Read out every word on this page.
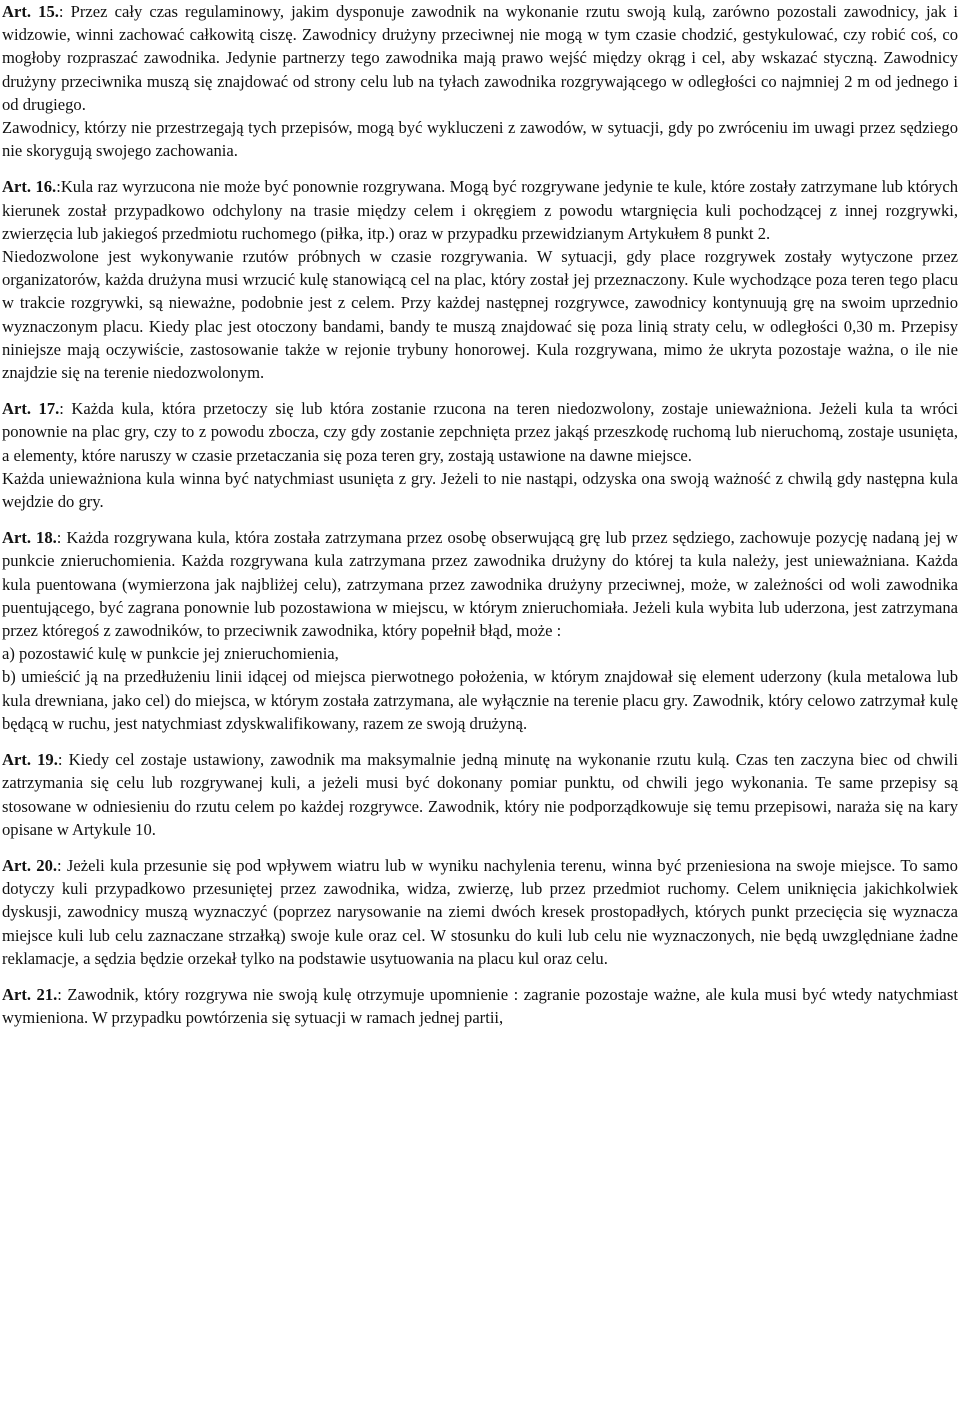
Art. 15.: Przez cały czas regulaminowy, jakim dysponuje zawodnik na wykonanie rzutu swoją kulą, zarówno pozostali zawodnicy, jak i widzowie, winni zachować całkowitą ciszę. Zawodnicy drużyny przeciwnej nie mogą w tym czasie chodzić, gestykulować, czy robić coś, co mogłoby rozpraszać zawodnika. Jedynie partnerzy tego zawodnika mają prawo wejść między okrąg i cel, aby wskazać styczną. Zawodnicy drużyny przeciwnika muszą się znajdować od strony celu lub na tyłach zawodnika rozgrywającego w odległości co najmniej 2 m od jednego i od drugiego.

Zawodnicy, którzy nie przestrzegają tych przepisów, mogą być wykluczeni z zawodów, w sytuacji, gdy po zwróceniu im uwagi przez sędziego nie skorygują swojego zachowania.

Art. 16.:Kula raz wyrzucona nie może być ponownie rozgrywana. Mogą być rozgrywane jedynie te kule, które zostały zatrzymane lub których kierunek został przypadkowo odchylony na trasie między celem i okręgiem z powodu wtargnięcia kuli pochodzącej z innej rozgrywki, zwierzęcia lub jakiegoś przedmiotu ruchomego (piłka, itp.) oraz w przypadku przewidzianym Artykułem 8 punkt 2.

Niedozwolone jest wykonywanie rzutów próbnych w czasie rozgrywania. W sytuacji, gdy place rozgrywek zostały wytyczone przez organizatorów, każda drużyna musi wrzucić kulę stanowiącą cel na plac, który został jej przeznaczony. Kule wychodzące poza teren tego placu w trakcie rozgrywki, są nieważne, podobnie jest z celem. Przy każdej następnej rozgrywce, zawodnicy kontynuują grę na swoim uprzednio wyznaczonym placu. Kiedy plac jest otoczony bandami, bandy te muszą znajdować się poza linią straty celu, w odległości 0,30 m. Przepisy niniejsze mają oczywiście, zastosowanie także w rejonie trybuny honorowej. Kula rozgrywana, mimo że ukryta pozostaje ważna, o ile nie znajdzie się na terenie niedozwolonym.

Art. 17.: Każda kula, która przetoczy się lub która zostanie rzucona na teren niedozwolony, zostaje unieważniona. Jeżeli kula ta wróci ponownie na plac gry, czy to z powodu zbocza, czy gdy zostanie zepchnięta przez jakąś przeszkodę ruchomą lub nieruchomą, zostaje usunięta, a elementy, które naruszy w czasie przetaczania się poza teren gry, zostają ustawione na dawne miejsce.

Każda unieważniona kula winna być natychmiast usunięta z gry. Jeżeli to nie nastąpi, odzyska ona swoją ważność z chwilą gdy następna kula wejdzie do gry.

Art. 18.: Każda rozgrywana kula, która została zatrzymana przez osobę obserwującą grę lub przez sędziego, zachowuje pozycję nadaną jej w punkcie znieruchomienia. Każda rozgrywana kula zatrzymana przez zawodnika drużyny do której ta kula należy, jest unieważniana. Każda kula puentowana (wymierzona jak najbliżej celu), zatrzymana przez zawodnika drużyny przeciwnej, może, w zależności od woli zawodnika puentującego, być zagrana ponownie lub pozostawiona w miejscu, w którym znieruchomiała. Jeżeli kula wybita lub uderzona, jest zatrzymana przez któregoś z zawodników, to przeciwnik zawodnika, który popełnił błąd, może :

a) pozostawić kulę w punkcie jej znieruchomienia,

b) umieścić ją na przedłużeniu linii idącej od miejsca pierwotnego położenia, w którym znajdował się element uderzony (kula metalowa lub kula drewniana, jako cel) do miejsca, w którym została zatrzymana, ale wyłącznie na terenie placu gry. Zawodnik, który celowo zatrzymał kulę będącą w ruchu, jest natychmiast zdyskwalifikowany, razem ze swoją drużyną.

Art. 19.: Kiedy cel zostaje ustawiony, zawodnik ma maksymalnie jedną minutę na wykonanie rzutu kulą. Czas ten zaczyna biec od chwili zatrzymania się celu lub rozgrywanej kuli, a jeżeli musi być dokonany pomiar punktu, od chwili jego wykonania. Te same przepisy są stosowane w odniesieniu do rzutu celem po każdej rozgrywce. Zawodnik, który nie podporządkowuje się temu przepisowi, naraża się na kary opisane w Artykule 10.

Art. 20.: Jeżeli kula przesunie się pod wpływem wiatru lub w wyniku nachylenia terenu, winna być przeniesiona na swoje miejsce. To samo dotyczy kuli przypadkowo przesuniętej przez zawodnika, widza, zwierzę, lub przez przedmiot ruchomy. Celem uniknięcia jakichkolwiek dyskusji, zawodnicy muszą wyznaczyć (poprzez narysowanie na ziemi dwóch kresek prostopadłych, których punkt przecięcia się wyznacza miejsce kuli lub celu zaznaczane strzałką) swoje kule oraz cel. W stosunku do kuli lub celu nie wyznaczonych, nie będą uwzględniane żadne reklamacje, a sędzia będzie orzekał tylko na podstawie usytuowania na placu kul oraz celu.

Art. 21.: Zawodnik, który rozgrywa nie swoją kulę otrzymuje upomnienie : zagranie pozostaje ważne, ale kula musi być wtedy natychmiast wymieniona. W przypadku powtórzenia się sytuacji w ramach jednej partii,
